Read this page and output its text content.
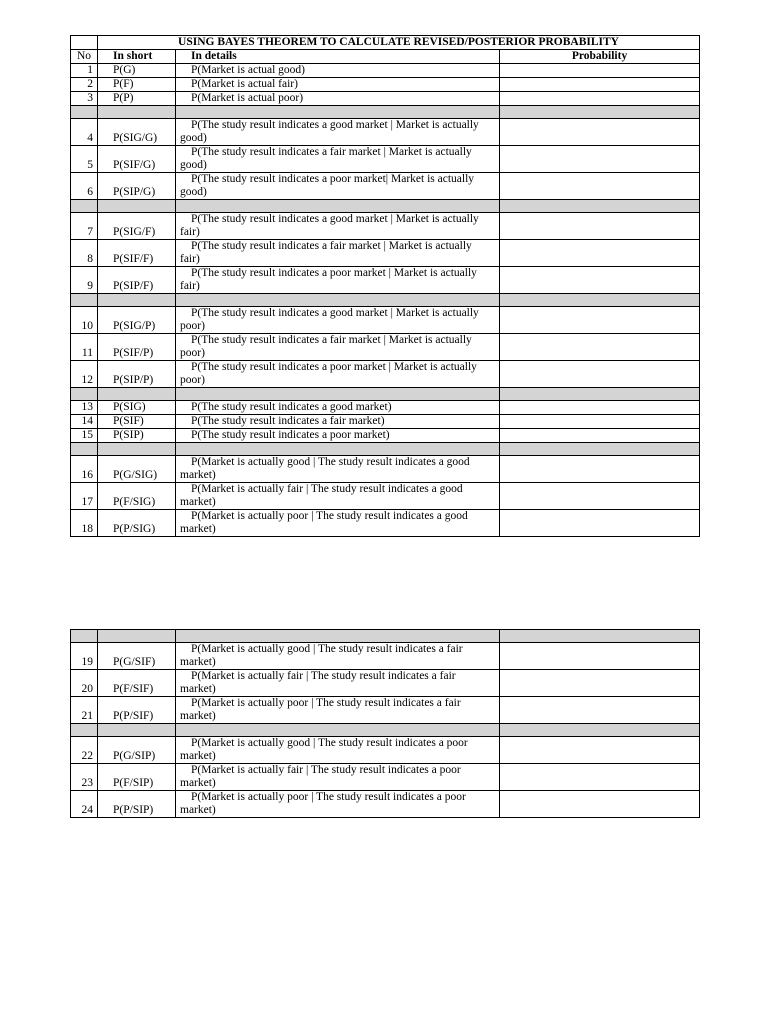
	USING BAYES THEOREM TO CALCULATE REVISED/POSTERIOR PROBABILITY		
No	In short	In details	Probability
1	P(G)	P(Market is actual good)	

2	P(F)	P(Market is actual fair)	

3	P(P)	P(Market is actual poor)	

4	P(SIG/G)	P(The study result indicates a good market | Market is actually
good)	

5	P(SIF/G)	P(The study result indicates a fair market | Market is actually
good)	

6	P(SIP/G)	P(The study result indicates a poor market| Market is actually
good)	

7	P(SIG/F)	P(The study result indicates a good market | Market is actually
fair)	

8	P(SIF/F)	P(The study result indicates a fair market | Market is actually
fair)	

9	P(SIP/F)	P(The study result indicates a poor market | Market is actually
fair)	

10	P(SIG/P)	P(The study result indicates a good market | Market is actually
poor)	

11	P(SIF/P)	P(The study result indicates a fair market | Market is actually
poor)	

12	P(SIP/P)	P(The study result indicates a poor market | Market is actually
poor)	

13	P(SIG)	P(The study result indicates a good market)	

14	P(SIF)	P(The study result indicates a fair market)	

15	P(SIP)	P(The study result indicates a poor market)	

16	P(G/SIG)	P(Market is actually good | The study result indicates a good
market)	

17	P(F/SIG)	P(Market is actually fair | The study result indicates a good
market)	

18	P(P/SIG)	P(Market is actually poor | The study result indicates a good
market)	

19	P(G/SIF)	P(Market is actually good | The study result indicates a fair
market)	

20	P(F/SIF)	P(Market is actually fair | The study result indicates a fair
market)	

21	P(P/SIF)	P(Market is actually poor | The study result indicates a fair
market)	

22	P(G/SIP)	P(Market is actually good | The study result indicates a poor
market)	

23	P(F/SIP)	P(Market is actually fair | The study result indicates a poor
market)	

24	P(P/SIP)	P(Market is actually poor | The study result indicates a poor
market)	
